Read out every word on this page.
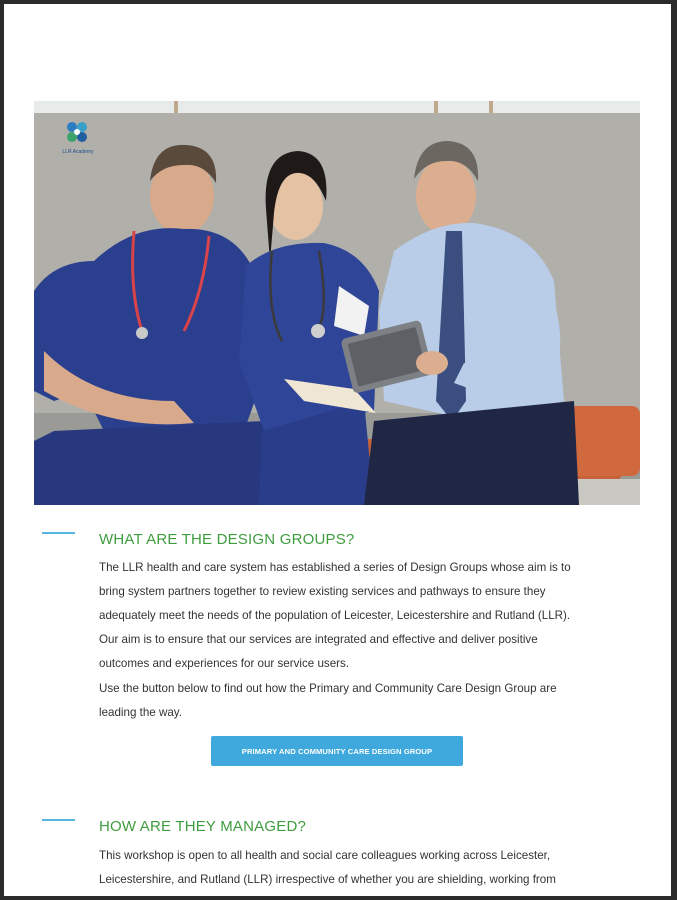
LLR Academy
WHAT ARE THE DESIGN GROUPS?

The LLR health and care system has established a series of Design Groups whose aim is to

bring system partners together to review existing services and pathways to ensure they

adequately meet the needs of the population of Leicester, Leicestershire and Rutland (LLR).

Our aim is to ensure that our services are integrated and effective and deliver positive

outcomes and experiences for our service users.

Use the button below to find out how the Primary and Community Care Design Group are

leading the way.

PRIMARY AND COMMUNITY CARE DESIGN GROUP
HOW ARE THEY MANAGED?

This workshop is open to all health and social care colleagues working across Leicester,

Leicestershire, and Rutland (LLR) irrespective of whether you are shielding, working from
